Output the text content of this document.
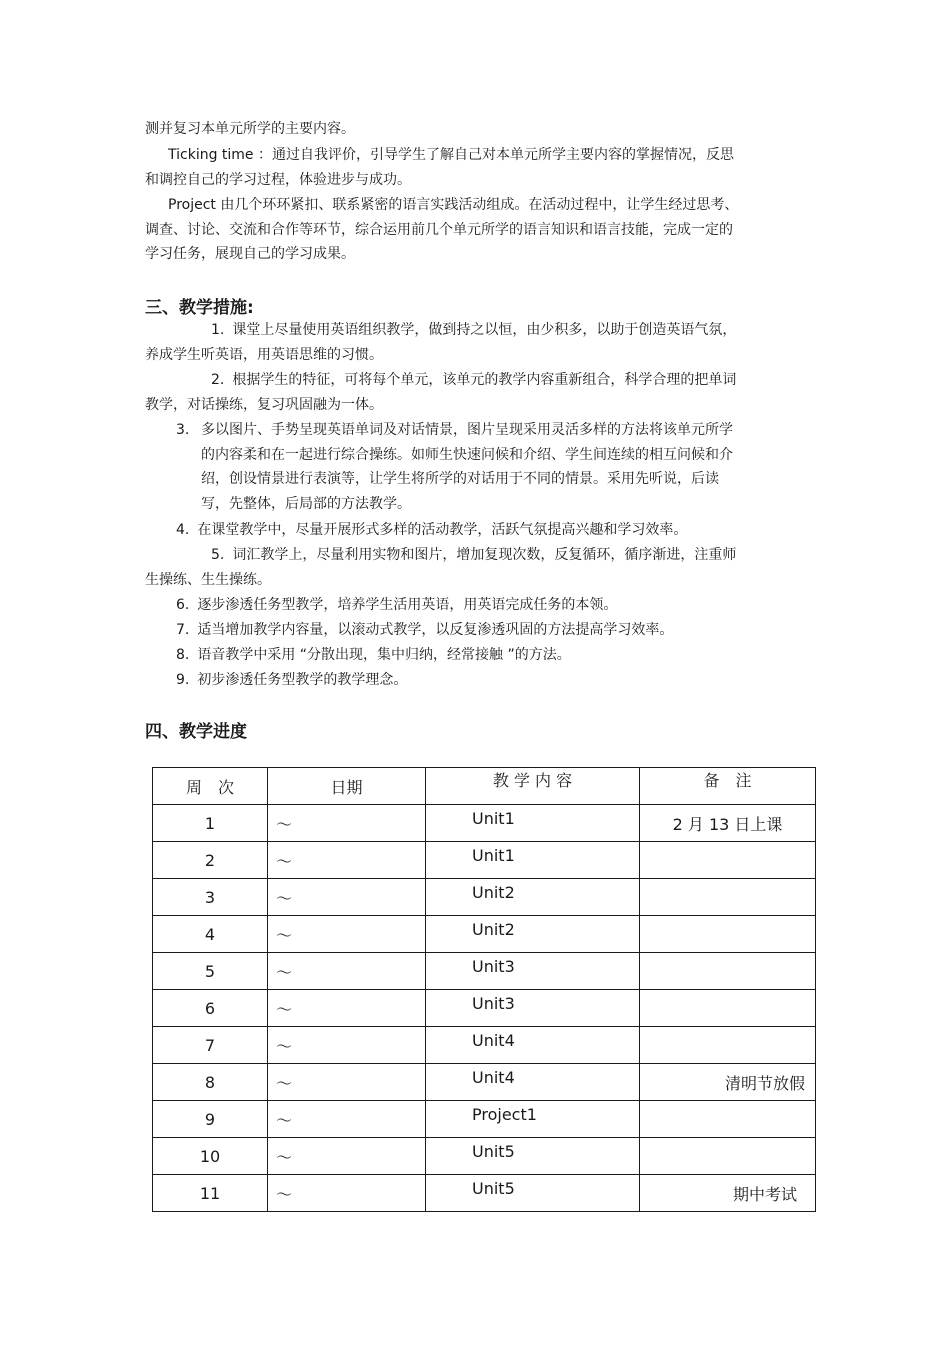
测并复习本单元所学的主要内容。

Ticking time ：通过自我评价，引导学生了解自己对本单元所学主要内容的掌握情况，反思和调控自己的学习过程，体验进步与成功。

Project 由几个环环紧扣、联系紧密的语言实践活动组成。在活动过程中，让学生经过思考、调查、讨论、交流和合作等环节，综合运用前几个单元所学的语言知识和语言技能，完成一定的学习任务，展现自己的学习成果。

三、教学措施:

1. 课堂上尽量使用英语组织教学，做到持之以恒，由少积多，以助于创造英语气氛，养成学生听英语，用英语思维的习惯。

2. 根据学生的特征，可将每个单元，该单元的教学内容重新组合，科学合理的把单词教学，对话操练，复习巩固融为一体。

3. 多以图片、手势呈现英语单词及对话情景，图片呈现采用灵活多样的方法将该单元所学的内容柔和在一起进行综合操练。如师生快速问候和介绍、学生间连续的相互问候和介绍，创设情景进行表演等，让学生将所学的对话用于不同的情景。采用先听说，后读写，先整体，后局部的方法教学。

4. 在课堂教学中，尽量开展形式多样的活动教学，活跃气氛提高兴趣和学习效率。

5. 词汇教学上，尽量利用实物和图片，增加复现次数，反复循环，循序渐进，注重师生操练、生生操练。

6. 逐步渗透任务型教学，培养学生活用英语，用英语完成任务的本领。

7. 适当增加教学内容量，以滚动式教学，以反复渗透巩固的方法提高学习效率。

8. 语音教学中采用 “分散出现，集中归纳，经常接触 ”的方法。

9. 初步渗透任务型教学的教学理念。

四、教学进度
周　次	日期	教 学 内 容	备　注
1	～	Unit1	2 月 13 日上课
2	～	Unit1	
3	～	Unit2	
4	～	Unit2	
5	～	Unit3	
6	～	Unit3	
7	～	Unit4	
8	～	Unit4	清明节放假
9	～	Project1	
10	～	Unit5	
11	～	Unit5	期中考试
